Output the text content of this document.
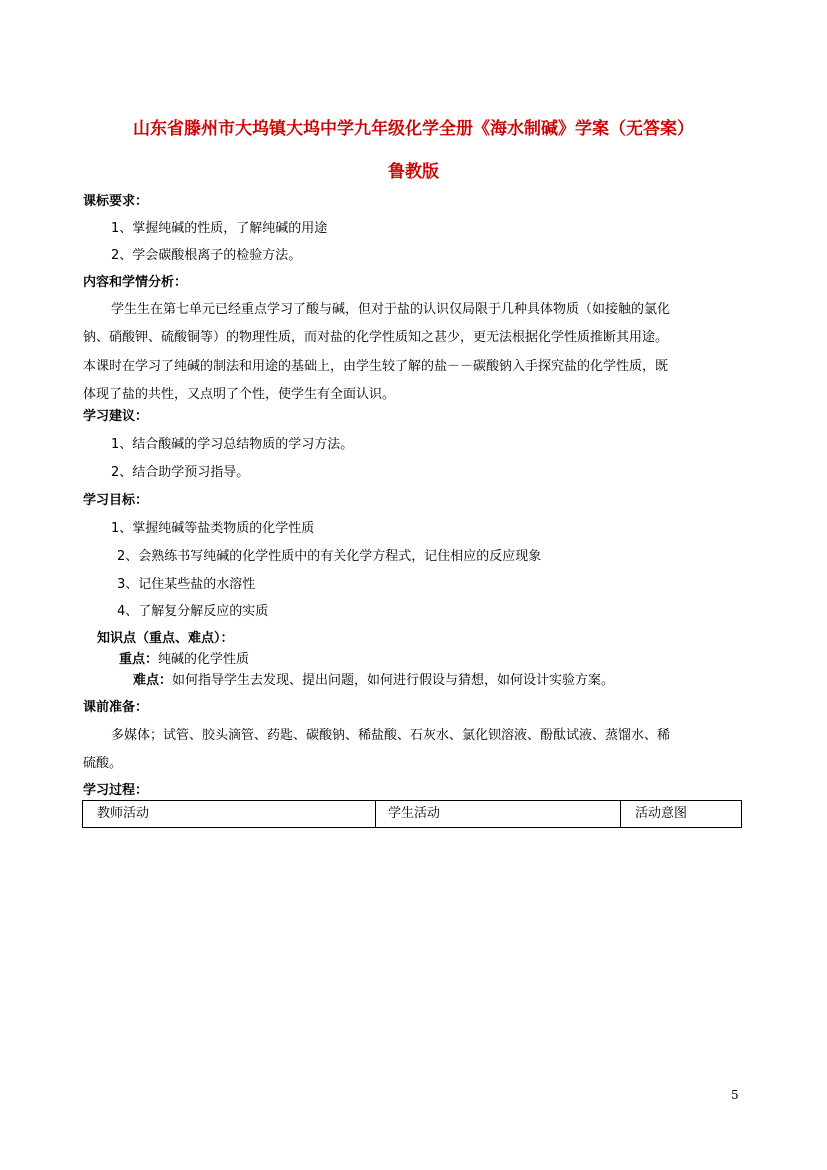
山东省滕州市大坞镇大坞中学九年级化学全册《海水制碱》学案（无答案）
鲁教版
课标要求：
1、掌握纯碱的性质，了解纯碱的用途
2、学会碳酸根离子的检验方法。
内容和学情分析：
学生生在第七单元已经重点学习了酸与碱，但对于盐的认识仅局限于几种具体物质（如接触的氯化
钠、硝酸钾、硫酸铜等）的物理性质，而对盐的化学性质知之甚少，更无法根据化学性质推断其用途。
本课时在学习了纯碱的制法和用途的基础上，由学生较了解的盐－－碳酸钠入手探究盐的化学性质，既
体现了盐的共性，又点明了个性，使学生有全面认识。
学习建议：
1、结合酸碱的学习总结物质的学习方法。
2、结合助学预习指导。
学习目标：
1、掌握纯碱等盐类物质的化学性质
2、会熟练书写纯碱的化学性质中的有关化学方程式，记住相应的反应现象
3、记住某些盐的水溶性
4、了解复分解反应的实质
知识点（重点、难点）：
重点：纯碱的化学性质
难点：如何指导学生去发现、提出问题，如何进行假设与猜想，如何设计实验方案。
课前准备：
多媒体；试管、胶头滴管、药匙、碳酸钠、稀盐酸、石灰水、氯化钡溶液、酚酞试液、蒸馏水、稀
硫酸。
学习过程：
教师活动	学生活动	活动意图
5
